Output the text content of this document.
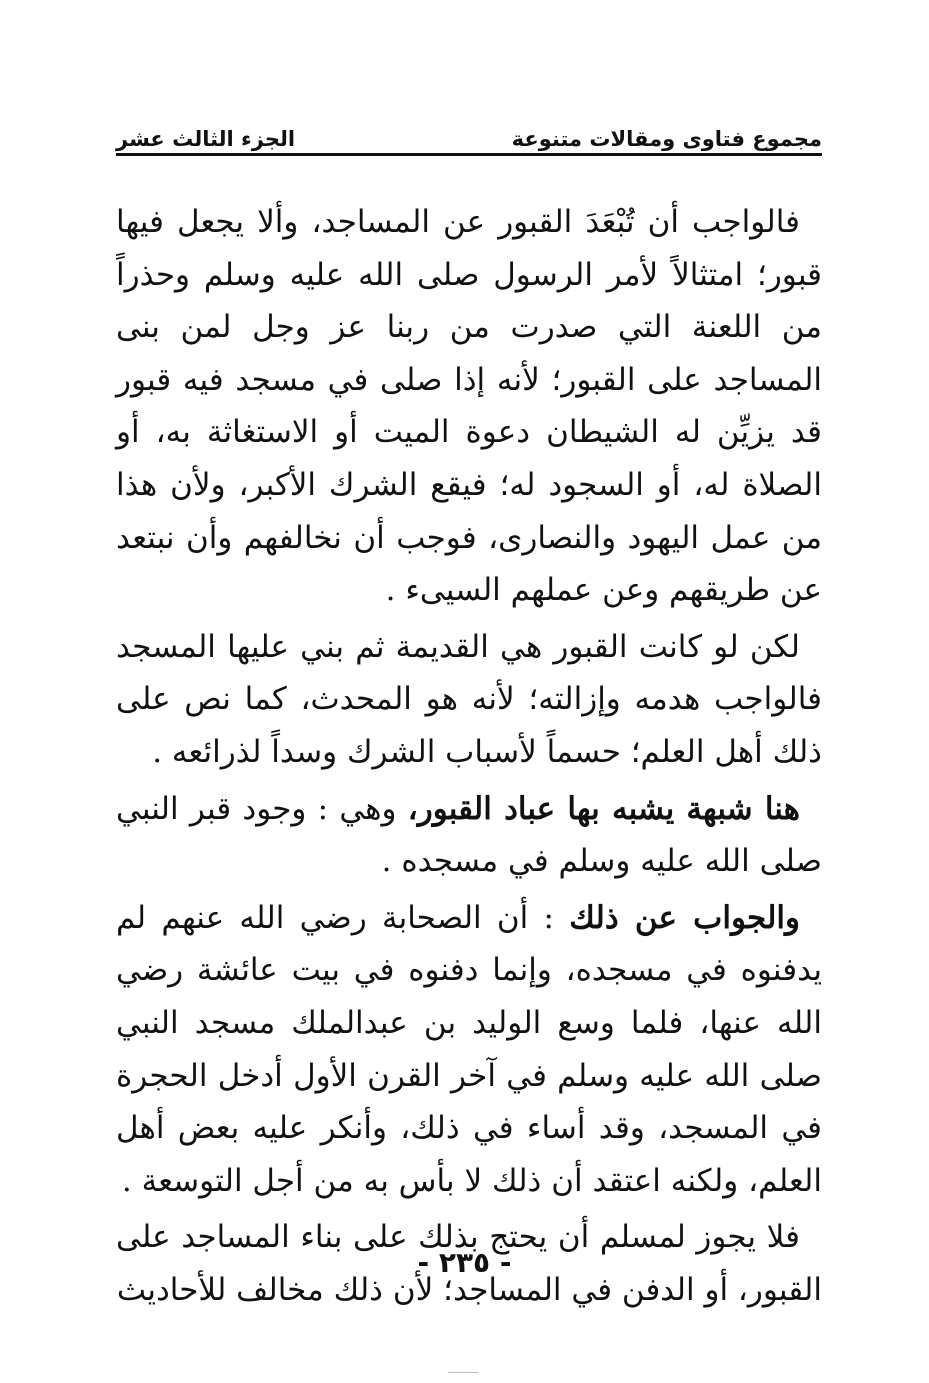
مجموع فتاوى ومقالات متنوعة
الجزء الثالث عشر

فالواجب أن تُبْعَدَ القبور عن المساجد، وألا يجعل فيها قبور؛ امتثالاً لأمر الرسول صلى الله عليه وسلم وحذراً من اللعنة التي صدرت من ربنا عز وجل لمن بنى المساجد على القبور؛ لأنه إذا صلى في مسجد فيه قبور قد يزيِّن له الشيطان دعوة الميت أو الاستغاثة به، أو الصلاة له، أو السجود له؛ فيقع الشرك الأكبر، ولأن هذا من عمل اليهود والنصارى، فوجب أن نخالفهم وأن نبتعد عن طريقهم وعن عملهم السيىء .

لكن لو كانت القبور هي القديمة ثم بني عليها المسجد فالواجب هدمه وإزالته؛ لأنه هو المحدث، كما نص على ذلك أهل العلم؛ حسماً لأسباب الشرك وسداً لذرائعه .

هنا شبهة يشبه بها عباد القبور، وهي : وجود قبر النبي صلى الله عليه وسلم في مسجده .

والجواب عن ذلك : أن الصحابة رضي الله عنهم لم يدفنوه في مسجده، وإنما دفنوه في بيت عائشة رضي الله عنها، فلما وسع الوليد بن عبدالملك مسجد النبي صلى الله عليه وسلم في آخر القرن الأول أدخل الحجرة في المسجد، وقد أساء في ذلك، وأنكر عليه بعض أهل العلم، ولكنه اعتقد أن ذلك لا بأس به من أجل التوسعة .

فلا يجوز لمسلم أن يحتج بذلك على بناء المساجد على القبور، أو الدفن في المساجد؛ لأن ذلك مخالف للأحاديث

- ٢٣٥ -
